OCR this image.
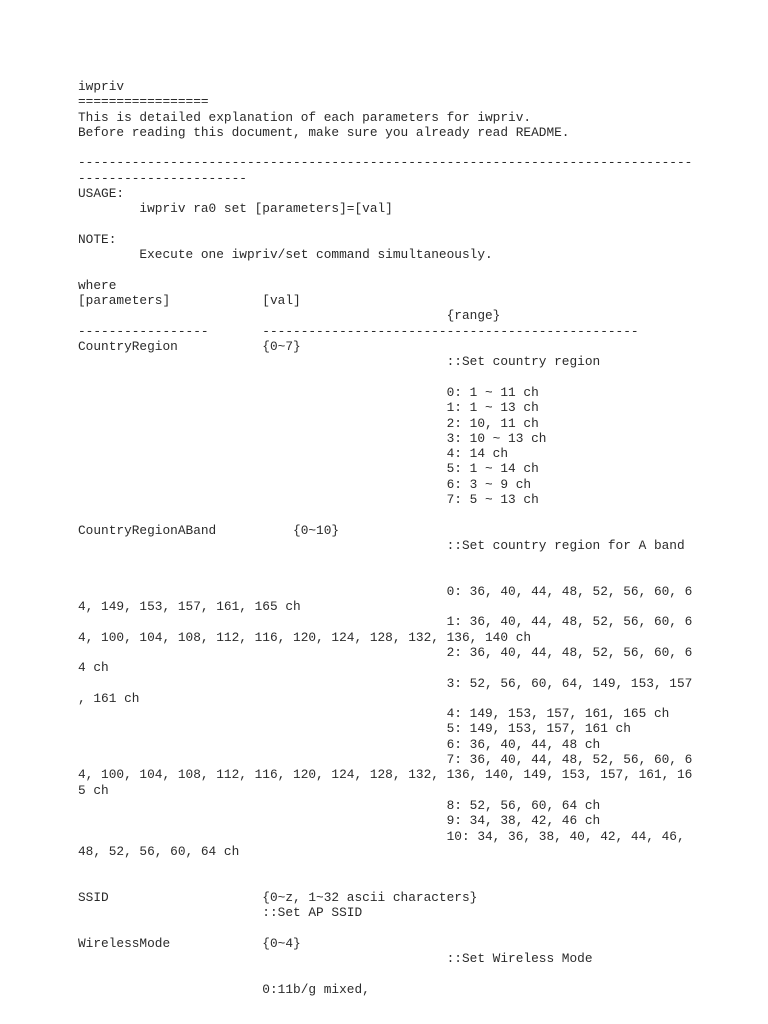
iwpriv
=================
This is detailed explanation of each parameters for iwpriv.
Before reading this document, make sure you already read README.
--------------------------------------------------------------------------------
----------------------
USAGE:
iwpriv ra0 set [parameters]=[val]
NOTE:
Execute one iwpriv/set command simultaneously.
where
[parameters]            [val]
{range}
-----------------       -------------------------------------------------
CountryRegion           {0~7}
::Set country region
0: 1 ~ 11 ch
1: 1 ~ 13 ch
2: 10, 11 ch
3: 10 ~ 13 ch
4: 14 ch
5: 1 ~ 14 ch
6: 3 ~ 9 ch
7: 5 ~ 13 ch
CountryRegionABand          {0~10}
::Set country region for A band
0: 36, 40, 44, 48, 52, 56, 60, 6
4, 149, 153, 157, 161, 165 ch
1: 36, 40, 44, 48, 52, 56, 60, 6
4, 100, 104, 108, 112, 116, 120, 124, 128, 132, 136, 140 ch
2: 36, 40, 44, 48, 52, 56, 60, 6
4 ch
3: 52, 56, 60, 64, 149, 153, 157
, 161 ch
4: 149, 153, 157, 161, 165 ch
5: 149, 153, 157, 161 ch
6: 36, 40, 44, 48 ch
7: 36, 40, 44, 48, 52, 56, 60, 6
4, 100, 104, 108, 112, 116, 120, 124, 128, 132, 136, 140, 149, 153, 157, 161, 16
5 ch
8: 52, 56, 60, 64 ch
9: 34, 38, 42, 46 ch
10: 34, 36, 38, 40, 42, 44, 46,
48, 52, 56, 60, 64 ch
SSID                    {0~z, 1~32 ascii characters}
::Set AP SSID
WirelessMode            {0~4}
::Set Wireless Mode
0:11b/g mixed,
